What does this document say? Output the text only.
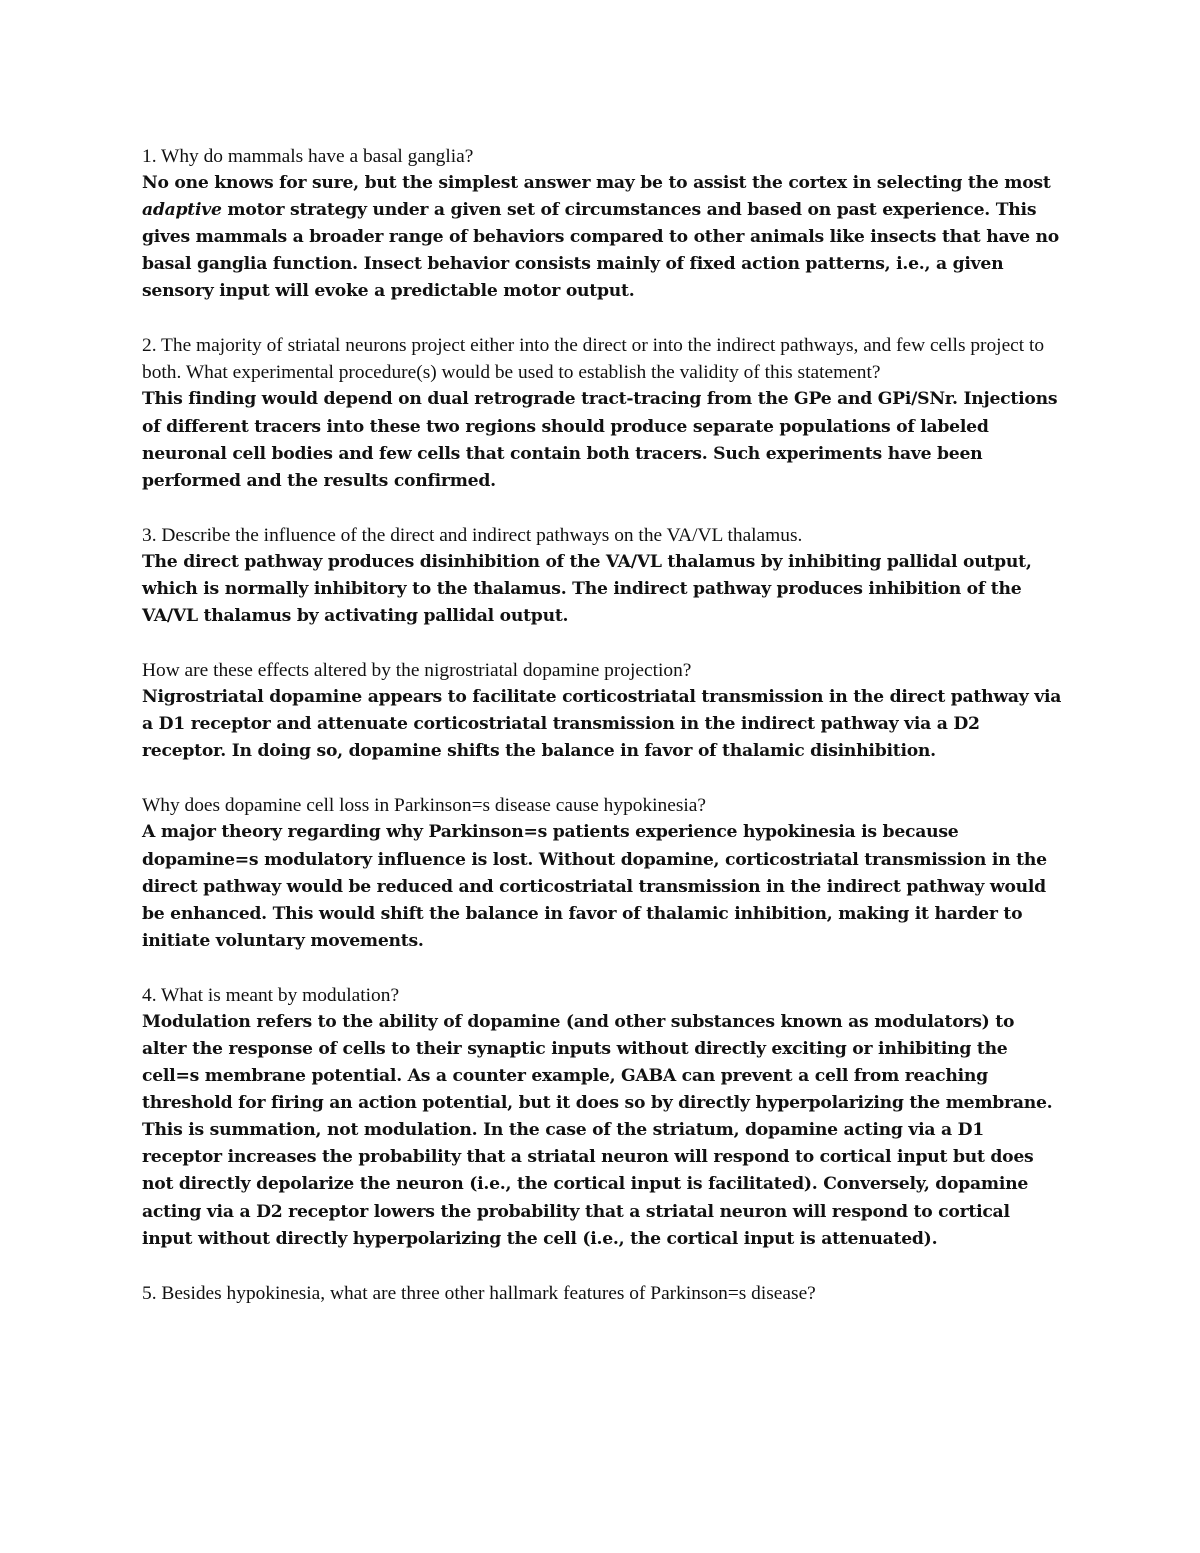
1. Why do mammals have a basal ganglia?

No one knows for sure, but the simplest answer may be to assist the cortex in selecting the most adaptive motor strategy under a given set of circumstances and based on past experience. This gives mammals a broader range of behaviors compared to other animals like insects that have no basal ganglia function. Insect behavior consists mainly of fixed action patterns, i.e., a given sensory input will evoke a predictable motor output.

2. The majority of striatal neurons project either into the direct or into the indirect pathways, and few cells project to both. What experimental procedure(s) would be used to establish the validity of this statement?

This finding would depend on dual retrograde tract-tracing from the GPe and GPi/SNr. Injections of different tracers into these two regions should produce separate populations of labeled neuronal cell bodies and few cells that contain both tracers. Such experiments have been performed and the results confirmed.

3. Describe the influence of the direct and indirect pathways on the VA/VL thalamus.

The direct pathway produces disinhibition of the VA/VL thalamus by inhibiting pallidal output, which is normally inhibitory to the thalamus. The indirect pathway produces inhibition of the VA/VL thalamus by activating pallidal output.

How are these effects altered by the nigrostriatal dopamine projection?

Nigrostriatal dopamine appears to facilitate corticostriatal transmission in the direct pathway via a D1 receptor and attenuate corticostriatal transmission in the indirect pathway via a D2 receptor. In doing so, dopamine shifts the balance in favor of thalamic disinhibition.

Why does dopamine cell loss in Parkinson=s disease cause hypokinesia?

A major theory regarding why Parkinson=s patients experience hypokinesia is because dopamine=s modulatory influence is lost. Without dopamine, corticostriatal transmission in the direct pathway would be reduced and corticostriatal transmission in the indirect pathway would be enhanced. This would shift the balance in favor of thalamic inhibition, making it harder to initiate voluntary movements.

4. What is meant by modulation?

Modulation refers to the ability of dopamine (and other substances known as modulators) to alter the response of cells to their synaptic inputs without directly exciting or inhibiting the cell=s membrane potential. As a counter example, GABA can prevent a cell from reaching threshold for firing an action potential, but it does so by directly hyperpolarizing the membrane. This is summation, not modulation. In the case of the striatum, dopamine acting via a D1 receptor increases the probability that a striatal neuron will respond to cortical input but does not directly depolarize the neuron (i.e., the cortical input is facilitated). Conversely, dopamine acting via a D2 receptor lowers the probability that a striatal neuron will respond to cortical input without directly hyperpolarizing the cell (i.e., the cortical input is attenuated).

5. Besides hypokinesia, what are three other hallmark features of Parkinson=s disease?
